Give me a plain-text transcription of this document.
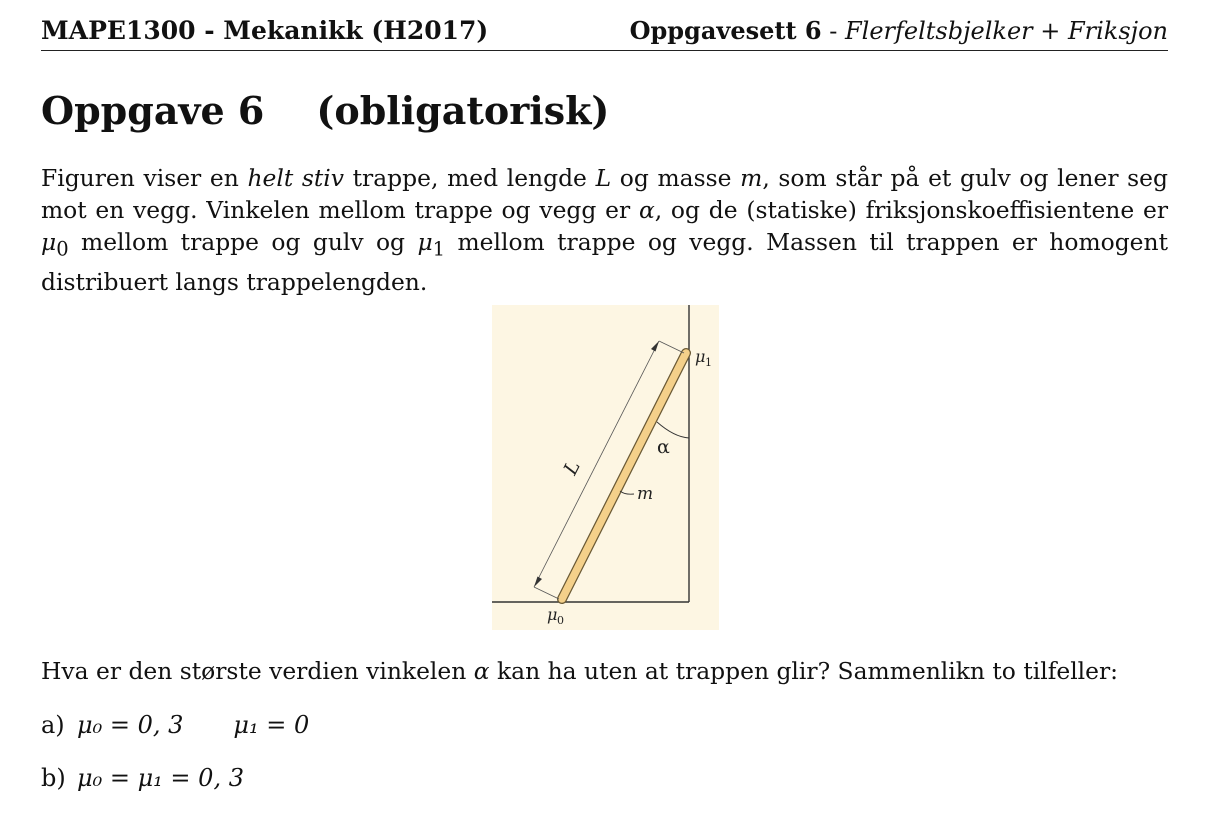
MAPE1300 - Mekanikk (H2017)	Oppgavesett 6 - Flerfeltsbjelker + Friksjon
Oppgave 6 (obligatorisk)
Figuren viser en helt stiv trappe, med lengde L og masse m, som står på et gulv og lener seg mot en vegg. Vinkelen mellom trappe og vegg er α, og de (statiske) friksjonskoeffisientene er $\mu_0$ mellom trappe og gulv og $\mu_1$ mellom trappe og vegg. Massen til trappen er homogent distribuert langs trappelengden.
L
m
α
μ 1
μ 0
Hva er den største verdien vinkelen α kan ha uten at trappen glir? Sammenlikn to tilfeller:
a) μ₀ = 0, 3 μ₁ = 0
b) μ₀ = μ₁ = 0, 3
